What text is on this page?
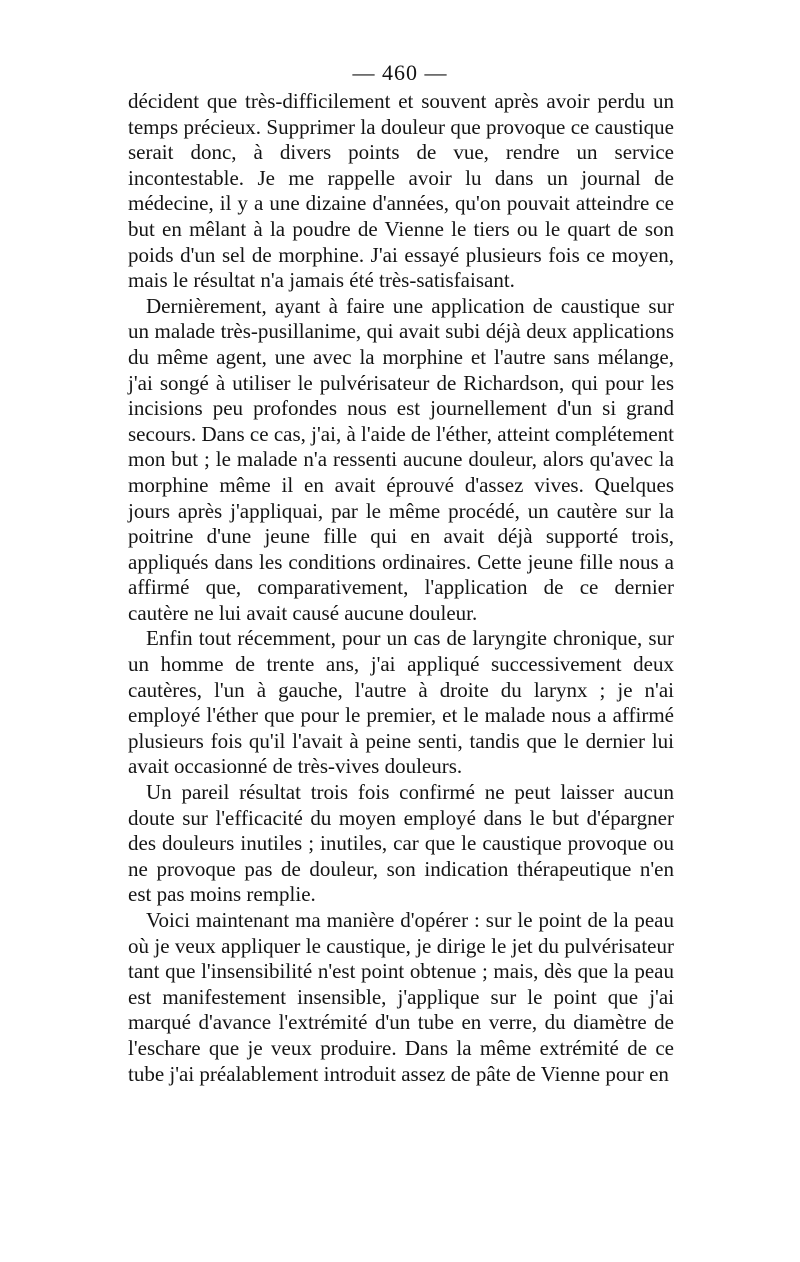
— 460 —

décident que très-difficilement et souvent après avoir perdu un temps précieux. Supprimer la douleur que provoque ce caustique serait donc, à divers points de vue, rendre un service incontestable. Je me rappelle avoir lu dans un journal de médecine, il y a une dizaine d'années, qu'on pouvait atteindre ce but en mêlant à la poudre de Vienne le tiers ou le quart de son poids d'un sel de morphine. J'ai essayé plusieurs fois ce moyen, mais le résultat n'a jamais été très-satisfaisant.

Dernièrement, ayant à faire une application de caustique sur un malade très-pusillanime, qui avait subi déjà deux applications du même agent, une avec la morphine et l'autre sans mélange, j'ai songé à utiliser le pulvérisateur de Richardson, qui pour les incisions peu profondes nous est journellement d'un si grand secours. Dans ce cas, j'ai, à l'aide de l'éther, atteint complétement mon but ; le malade n'a ressenti aucune douleur, alors qu'avec la morphine même il en avait éprouvé d'assez vives. Quelques jours après j'appliquai, par le même procédé, un cautère sur la poitrine d'une jeune fille qui en avait déjà supporté trois, appliqués dans les conditions ordinaires. Cette jeune fille nous a affirmé que, comparativement, l'application de ce dernier cautère ne lui avait causé aucune douleur.

Enfin tout récemment, pour un cas de laryngite chronique, sur un homme de trente ans, j'ai appliqué successivement deux cautères, l'un à gauche, l'autre à droite du larynx ; je n'ai employé l'éther que pour le premier, et le malade nous a affirmé plusieurs fois qu'il l'avait à peine senti, tandis que le dernier lui avait occasionné de très-vives douleurs.

Un pareil résultat trois fois confirmé ne peut laisser aucun doute sur l'efficacité du moyen employé dans le but d'épargner des douleurs inutiles ; inutiles, car que le caustique provoque ou ne provoque pas de douleur, son indication thérapeutique n'en est pas moins remplie.

Voici maintenant ma manière d'opérer : sur le point de la peau où je veux appliquer le caustique, je dirige le jet du pulvérisateur tant que l'insensibilité n'est point obtenue ; mais, dès que la peau est manifestement insensible, j'applique sur le point que j'ai marqué d'avance l'extrémité d'un tube en verre, du diamètre de l'eschare que je veux produire. Dans la même extrémité de ce tube j'ai préalablement introduit assez de pâte de Vienne pour en
